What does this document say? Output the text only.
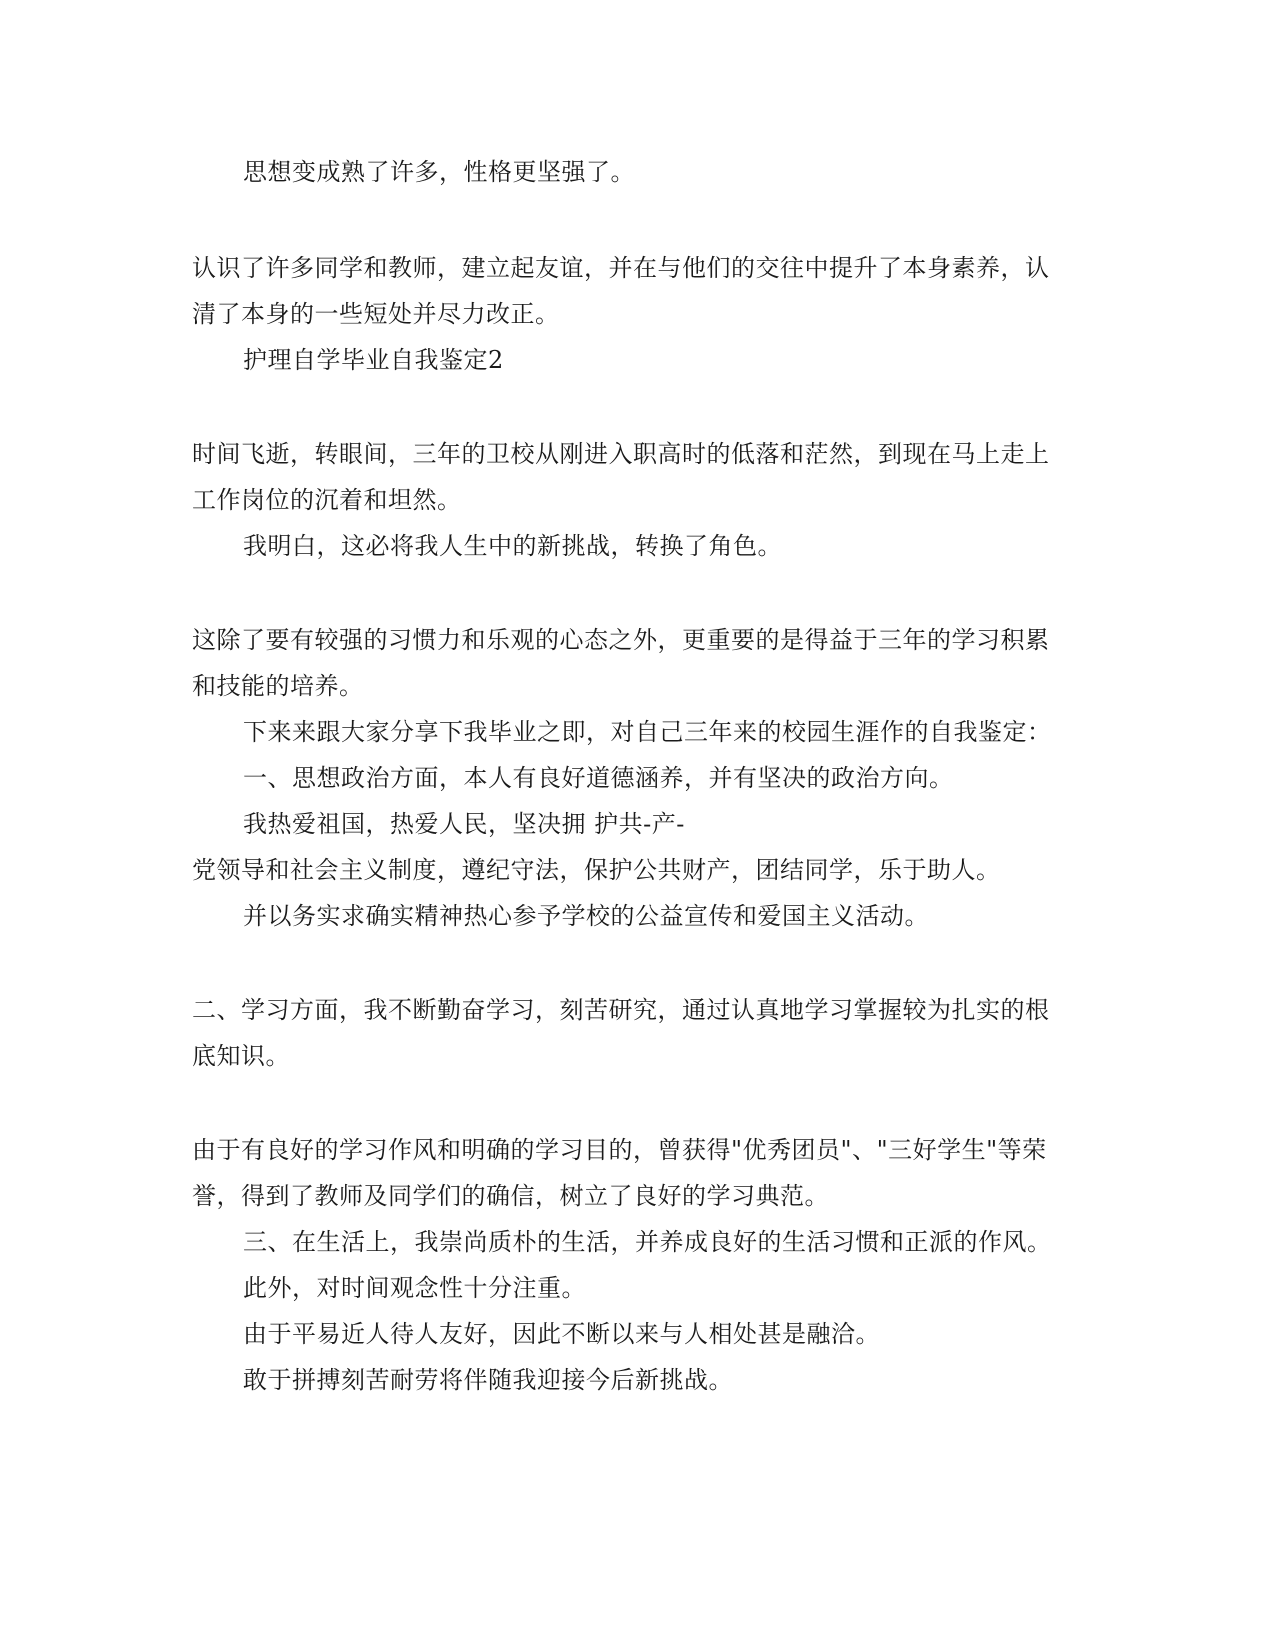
思想变成熟了许多，性格更坚强了。

认识了许多同学和教师，建立起友谊，并在与他们的交往中提升了本身素养，认

清了本身的一些短处并尽力改正。

护理自学毕业自我鉴定2

时间飞逝，转眼间，三年的卫校从刚进入职高时的低落和茫然，到现在马上走上

工作岗位的沉着和坦然。

我明白，这必将我人生中的新挑战，转换了角色。

这除了要有较强的习惯力和乐观的心态之外，更重要的是得益于三年的学习积累

和技能的培养。

下来来跟大家分享下我毕业之即，对自己三年来的校园生涯作的自我鉴定：

一、思想政治方面，本人有良好道德涵养，并有坚决的政治方向。

我热爱祖国，热爱人民，坚决拥 护共-产-

党领导和社会主义制度，遵纪守法，保护公共财产，团结同学，乐于助人。

并以务实求确实精神热心参予学校的公益宣传和爱国主义活动。

二、学习方面，我不断勤奋学习，刻苦研究，通过认真地学习掌握较为扎实的根

底知识。

由于有良好的学习作风和明确的学习目的，曾获得"优秀团员"、"三好学生"等荣

誉，得到了教师及同学们的确信，树立了良好的学习典范。

三、在生活上，我崇尚质朴的生活，并养成良好的生活习惯和正派的作风。

此外，对时间观念性十分注重。

由于平易近人待人友好，因此不断以来与人相处甚是融洽。

敢于拼搏刻苦耐劳将伴随我迎接今后新挑战。
